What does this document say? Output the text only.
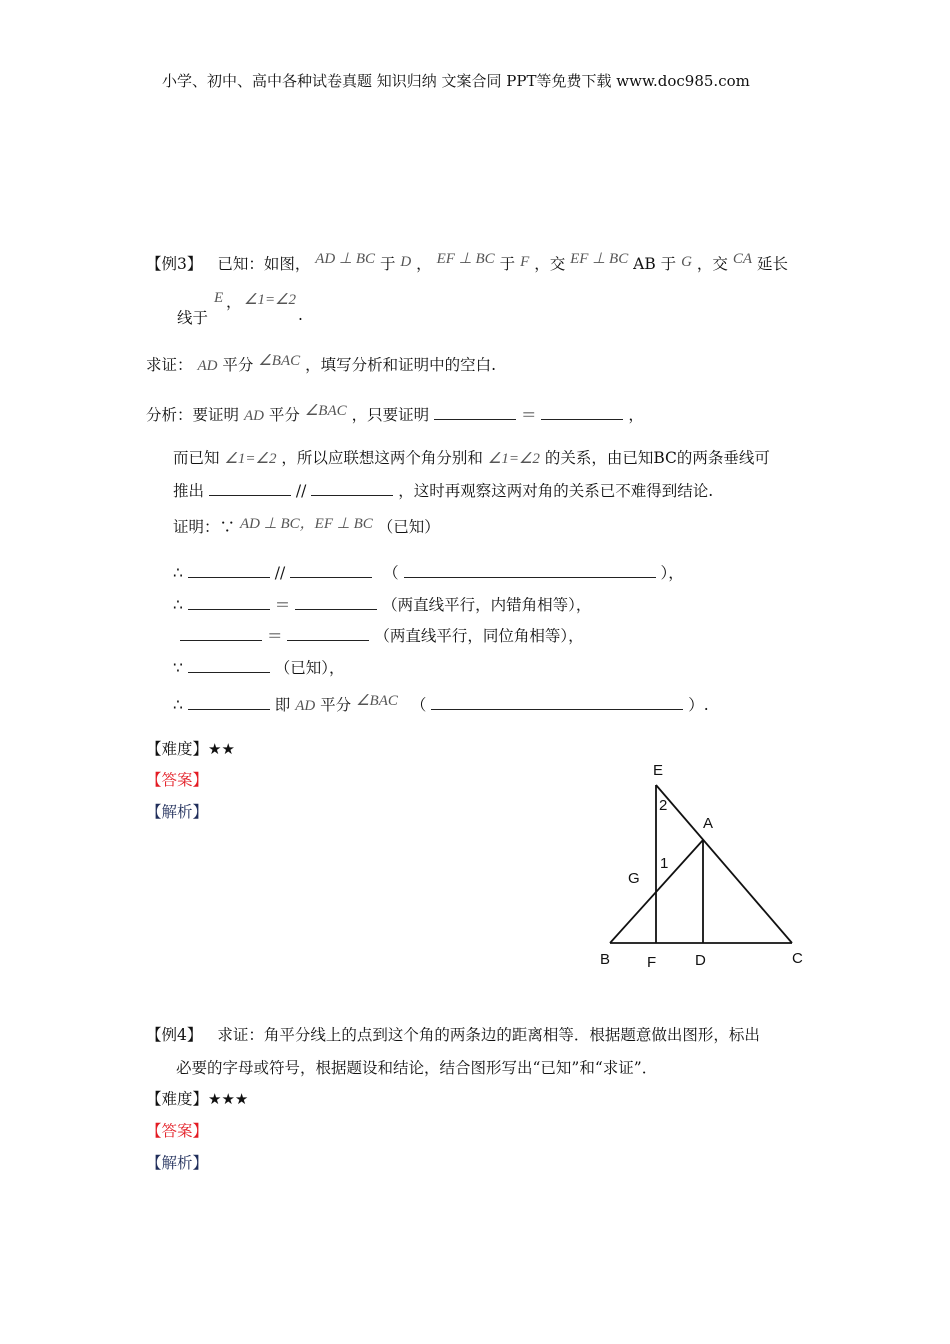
小学、初中、高中各种试卷真题 知识归纳 文案合同 PPT等免费下载 www.doc985.com
【例3】 已知：如图， AD ⊥ BC 于 D ， EF ⊥ BC 于 F ，交 EF ⊥ BC AB 于 G ，交 CA 延长
E ， ∠1=∠2
线于	.
求证： AD 平分 ∠BAC ，填写分析和证明中的空白.
分析：要证明 AD 平分 ∠BAC ，只要证明	＝	，
而已知 ∠1=∠2 ，所以应联想这两个角分别和 ∠1=∠2 的关系，由已知BC的两条垂线可
推出	//	，这时再观察这两对角的关系已不难得到结论.
证明：∵ AD ⊥ BC，EF ⊥ BC （已知）
∴	//	（	），
∴	＝	（两直线平行，内错角相等），
＝	（两直线平行，同位角相等），
∵	（已知），
∴	即 AD 平分 ∠BAC （	）.
【难度】★★
【答案】
【解析】
E
A
G
B F	D	C
1
2
【例4】 求证：角平分线上的点到这个角的两条边的距离相等．根据题意做出图形，标出
必要的字母或符号，根据题设和结论，结合图形写出“已知”和“求证”．
【难度】★★★
【答案】
【解析】
